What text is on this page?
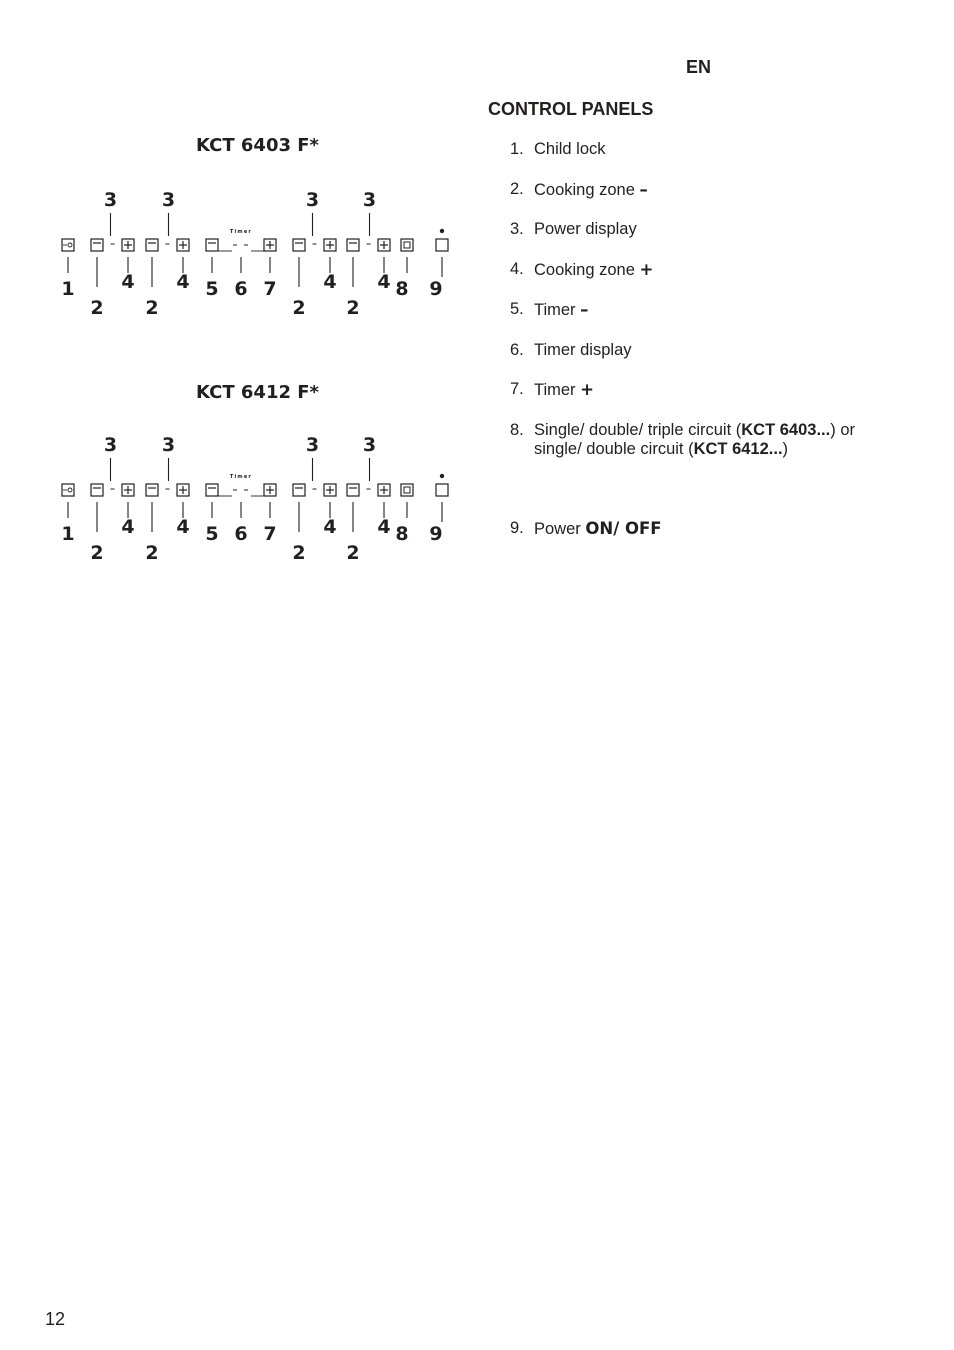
EN
CONTROL PANELS
KCT 6403 F*
1
2
4
3
2
4
3
2
4
3
2
4
3
Timer
5 6 7	8 9
KCT 6412 F*
1
2
4
3
2
4
3
2
4
3
2
4
3
Timer
5 6 7	8 9
1. Child lock
2. Cooking zone –
3. Power display
4. Cooking zone +
5. Timer –
6. Timer display
7. Timer +
8. Single/ double/ triple circuit (KCT 6403...) or
single/ double circuit (KCT 6412...)
9. Power ON/ OFF
12
